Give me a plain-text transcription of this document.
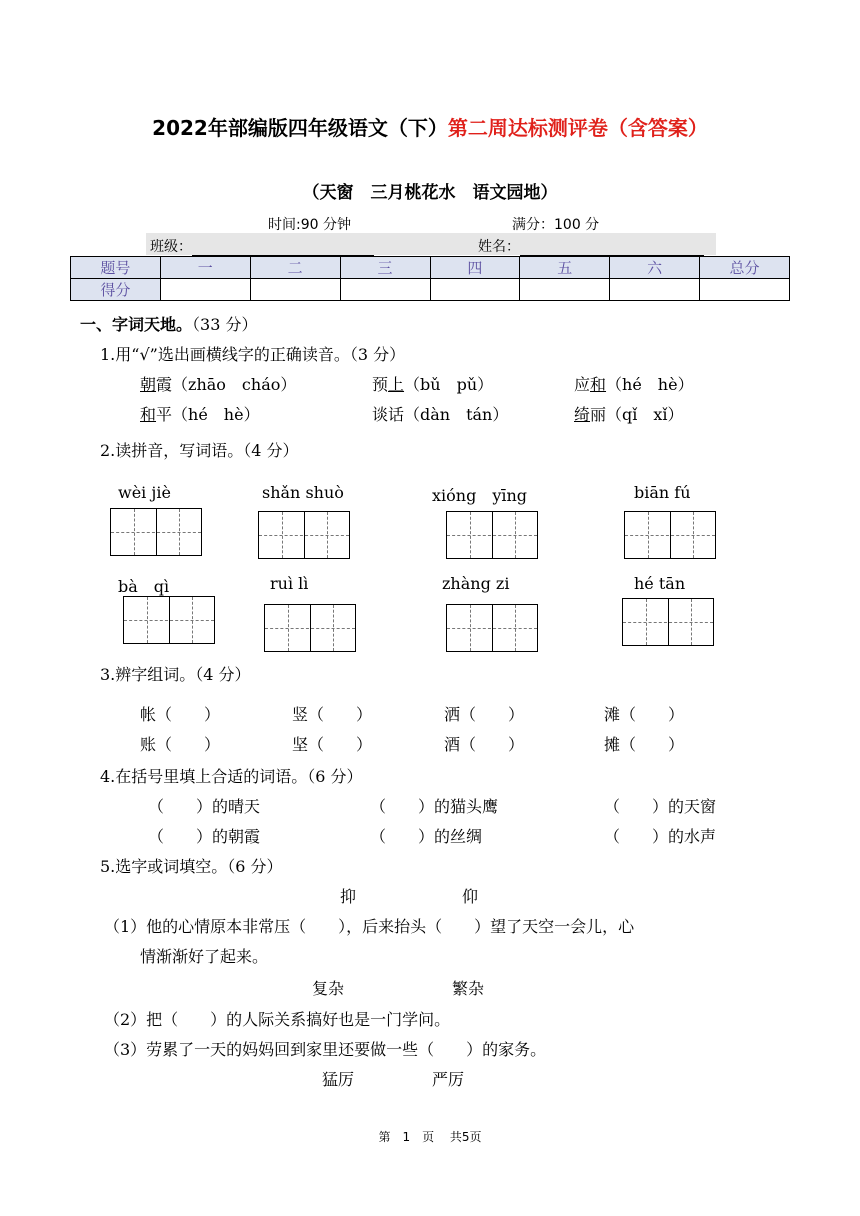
2022年部编版四年级语文（下）第二周达标测评卷（含答案）
（天窗　三月桃花水　语文园地）
时间:90 分钟	满分：100 分
班级：	姓名：
题号	一	二	三	四	五	六	总分
得分							
一、字词天地。（33 分）
1.用“√”选出画横线字的正确读音。（3 分）
朝霞（zhāo　cháo）	预上（bǔ　pǔ）	应和（hé　hè）
和平（hé　hè）	谈话（dàn　tán）	绮丽（qǐ　xǐ）
2.读拼音，写词语。（4 分）
wèi jiè	shǎn shuò	xióng　yīng	biān fú
bà　qì	ruì lì	zhàng zi	hé tān
3.辨字组词。（4 分）
帐（　　）	竖（　　）	洒（　　）	滩（　　）
账（　　）	坚（　　）	酒（　　）	摊（　　）
4.在括号里填上合适的词语。（6 分）
（　　）的晴天	（　　）的猫头鹰	（　　）的天窗
（　　）的朝霞	（　　）的丝绸	（　　）的水声
5.选字或词填空。（6 分）
抑	仰
（1）他的心情原本非常压（　　），后来抬头（　　）望了天空一会儿，心
情渐渐好了起来。
复杂	繁杂
（2）把（　　）的人际关系搞好也是一门学问。
（3）劳累了一天的妈妈回到家里还要做一些（　　）的家务。
猛厉	严厉
第　1　页　 共5页
